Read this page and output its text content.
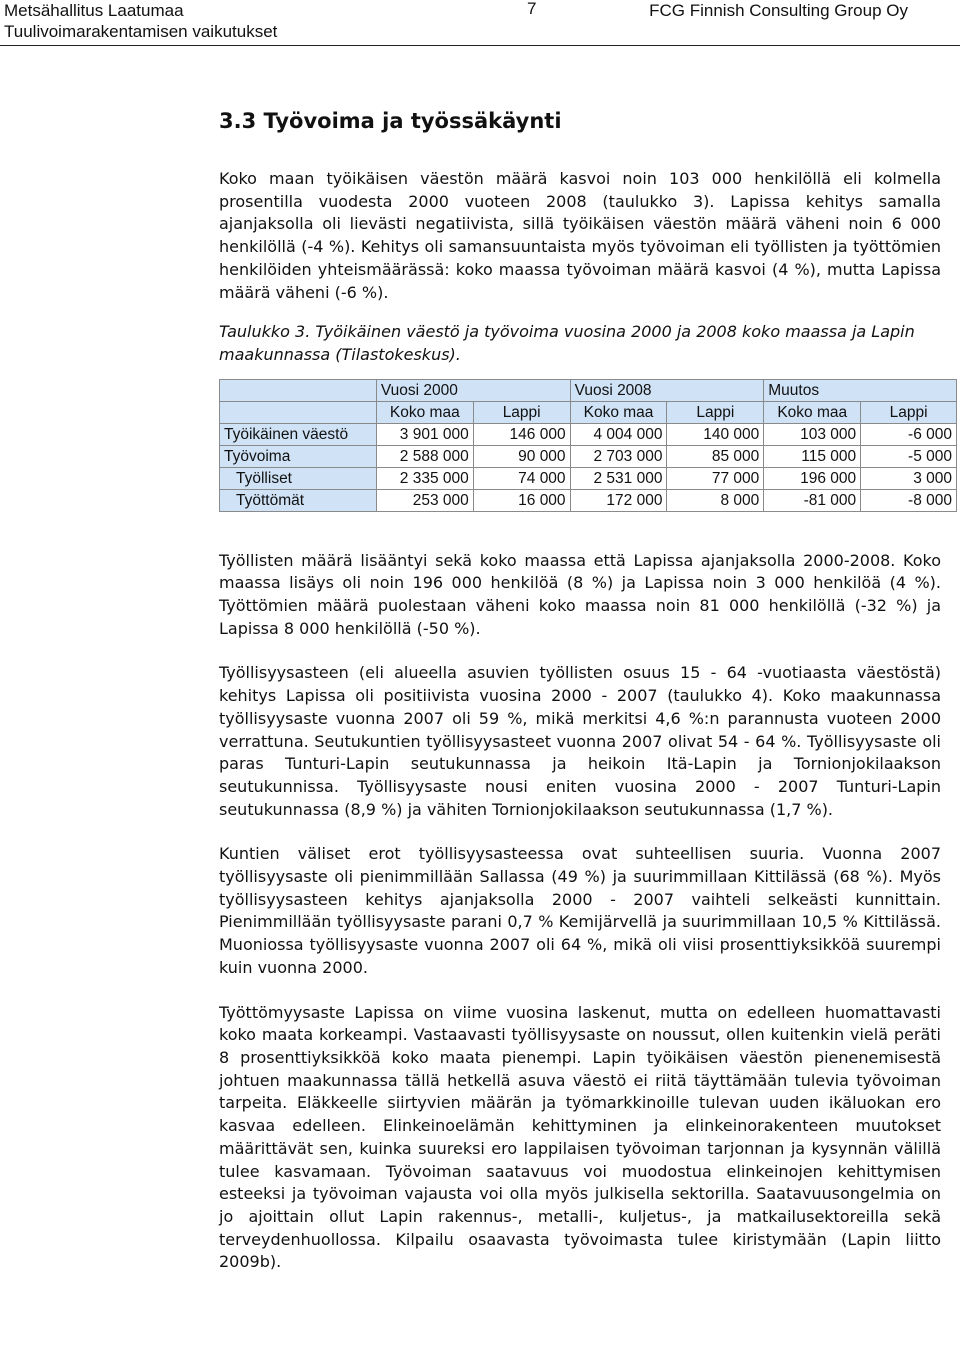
Metsähallitus Laatumaa
Tuulivoimarakentamisen vaikutukset
7	FCG Finnish Consulting Group Oy
3.3 Työvoima ja työssäkäynti

Koko maan työikäisen väestön määrä kasvoi noin 103 000 henkilöllä eli kolmella prosentilla vuodesta 2000 vuoteen 2008 (taulukko 3). Lapissa kehitys samalla ajanjaksolla oli lievästi negatiivista, sillä työikäisen väestön määrä väheni noin 6 000 henkilöllä (-4 %). Kehitys oli samansuuntaista myös työvoiman eli työllisten ja työttömien henkilöiden yhteismäärässä: koko maassa työvoiman määrä kasvoi (4 %), mutta Lapissa määrä väheni (-6 %).

Taulukko 3. Työikäinen väestö ja työvoima vuosina 2000 ja 2008 koko maassa ja Lapin maakunnassa (Tilastokeskus).
	Vuosi 2000		Vuosi 2008		Muutos	
	Koko maa	Lappi	Koko maa	Lappi	Koko maa	Lappi
Työikäinen väestö	3 901 000	146 000	4 004 000	140 000	103 000	-6 000
Työvoima	2 588 000	90 000	2 703 000	85 000	115 000	-5 000
Työlliset	2 335 000	74 000	2 531 000	77 000	196 000	3 000
Työttömät	253 000	16 000	172 000	8 000	-81 000	-8 000

Työllisten määrä lisääntyi sekä koko maassa että Lapissa ajanjaksolla 2000-2008. Koko maassa lisäys oli noin 196 000 henkilöä (8 %) ja Lapissa noin 3 000 henkilöä (4 %). Työttömien määrä puolestaan väheni koko maassa noin 81 000 henkilöllä (-32 %) ja Lapissa 8 000 henkilöllä (-50 %).

Työllisyysasteen (eli alueella asuvien työllisten osuus 15 - 64 -vuotiaasta väestöstä) kehitys Lapissa oli positiivista vuosina 2000 - 2007 (taulukko 4). Koko maakunnassa työllisyysaste vuonna 2007 oli 59 %, mikä merkitsi 4,6 %:n parannusta vuoteen 2000 verrattuna. Seutukuntien työllisyysasteet vuonna 2007 olivat 54 - 64 %. Työllisyysaste oli paras Tunturi-Lapin seutukunnassa ja heikoin Itä-Lapin ja Tornionjokilaakson seutukunnissa. Työllisyysaste nousi eniten vuosina 2000 - 2007 Tunturi-Lapin seutukunnassa (8,9 %) ja vähiten Tornionjokilaakson seutukunnassa (1,7 %).

Kuntien väliset erot työllisyysasteessa ovat suhteellisen suuria. Vuonna 2007 työllisyysaste oli pienimmillään Sallassa (49 %) ja suurimmillaan Kittilässä (68 %). Myös työllisyysasteen kehitys ajanjaksolla 2000 - 2007 vaihteli selkeästi kunnittain. Pienimmillään työllisyysaste parani 0,7 % Kemijärvellä ja suurimmillaan 10,5 % Kittilässä. Muoniossa työllisyysaste vuonna 2007 oli 64 %, mikä oli viisi prosenttiyksikköä suurempi kuin vuonna 2000.

Työttömyysaste Lapissa on viime vuosina laskenut, mutta on edelleen huomattavasti koko maata korkeampi. Vastaavasti työllisyysaste on noussut, ollen kuitenkin vielä peräti 8 prosenttiyksikköä koko maata pienempi. Lapin työikäisen väestön pienenemisestä johtuen maakunnassa tällä hetkellä asuva väestö ei riitä täyttämään tulevia työvoiman tarpeita. Eläkkeelle siirtyvien määrän ja työmarkkinoille tulevan uuden ikäluokan ero kasvaa edelleen. Elinkeinoelämän kehittyminen ja elinkeinorakenteen muutokset määrittävät sen, kuinka suureksi ero lappilaisen työvoiman tarjonnan ja kysynnän välillä tulee kasvamaan. Työvoiman saatavuus voi muodostua elinkeinojen kehittymisen esteeksi ja työvoiman vajausta voi olla myös julkisella sektorilla. Saatavuusongelmia on jo ajoittain ollut Lapin rakennus-, metalli-, kuljetus-, ja matkailusektoreilla sekä terveydenhuollossa. Kilpailu osaavasta työvoimasta tulee kiristymään (Lapin liitto 2009b).
